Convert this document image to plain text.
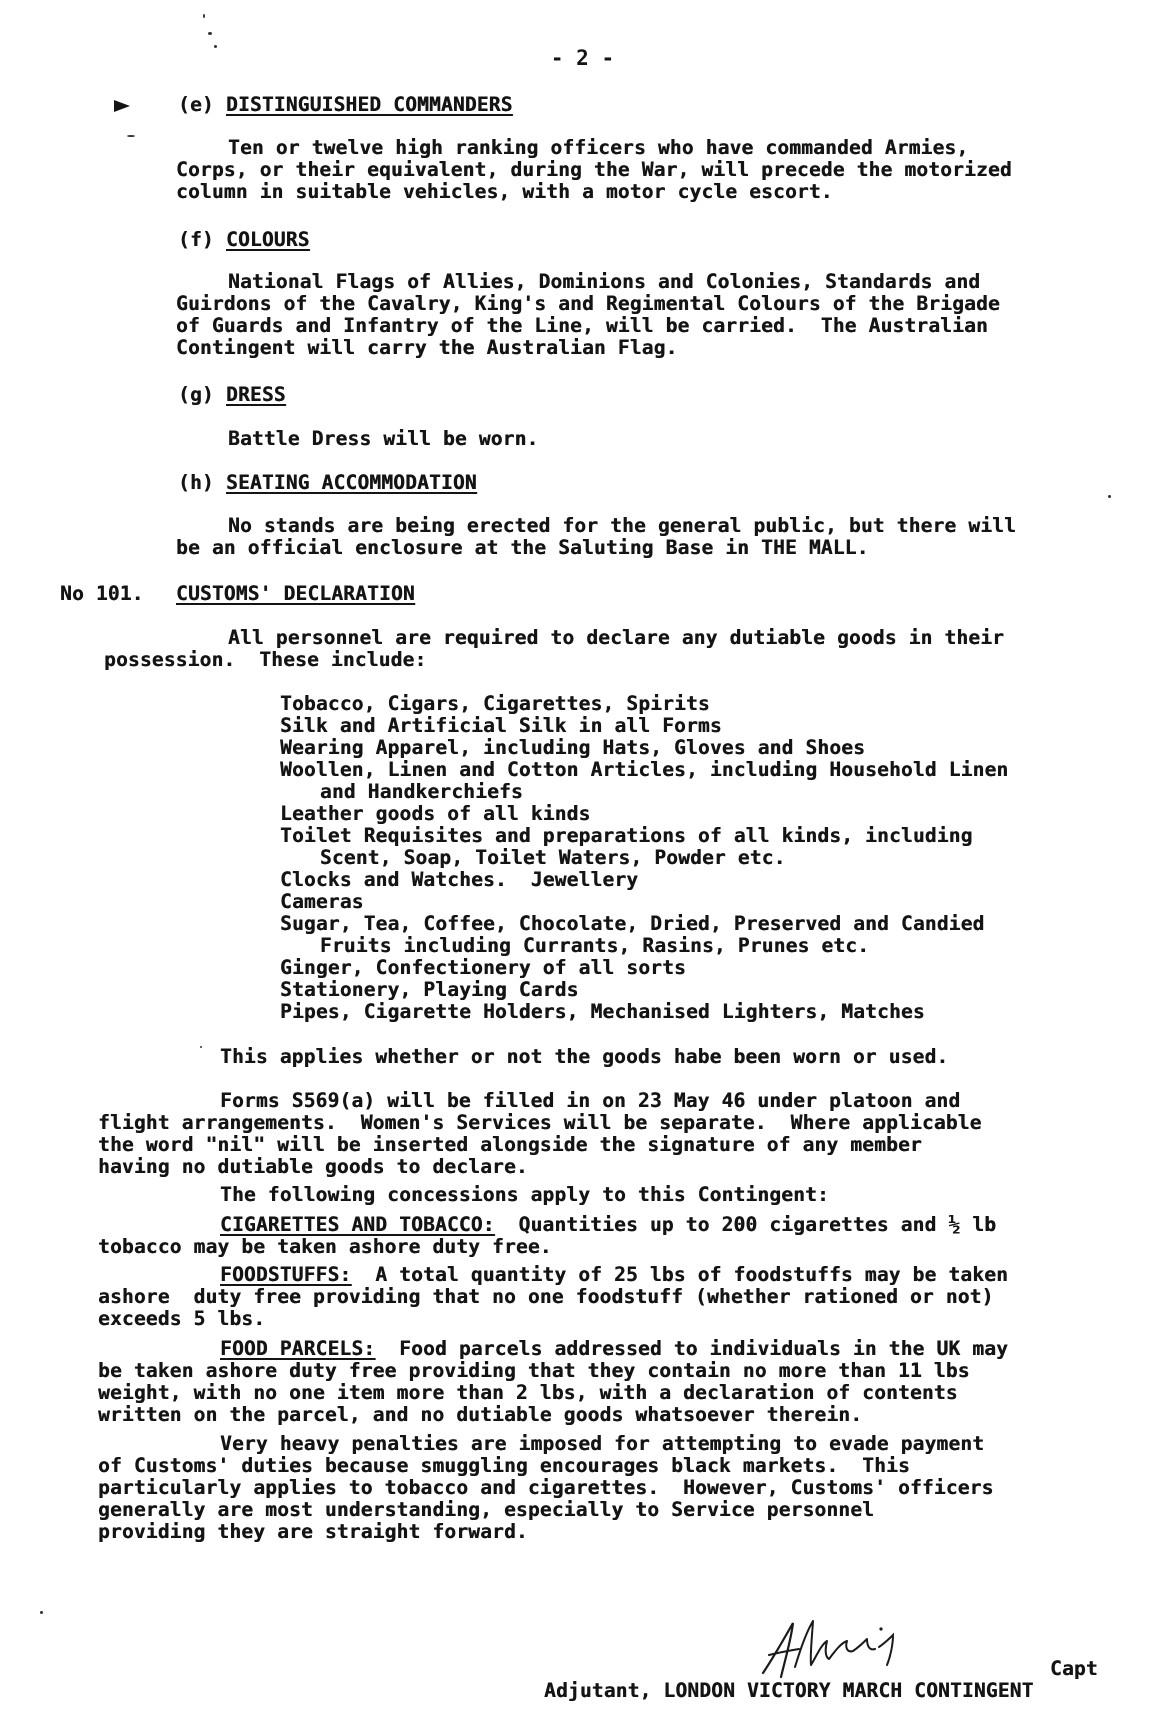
- 2 -

(e) DISTINGUISHED COMMANDERS

Ten or twelve high ranking officers who have commanded Armies,

Corps, or their equivalent, during the War, will precede the motorized

column in suitable vehicles, with a motor cycle escort.

(f) COLOURS

National Flags of Allies, Dominions and Colonies, Standards and

Guirdons of the Cavalry, King's and Regimental Colours of the Brigade

of Guards and Infantry of the Line, will be carried.  The Australian

Contingent will carry the Australian Flag.

(g) DRESS

Battle Dress will be worn.

(h) SEATING ACCOMMODATION

No stands are being erected for the general public, but there will

be an official enclosure at the Saluting Base in THE MALL.

No 101. CUSTOMS' DECLARATION

All personnel are required to declare any dutiable goods in their

possession.  These include:

Tobacco, Cigars, Cigarettes, Spirits

Silk and Artificial Silk in all Forms

Wearing Apparel, including Hats, Gloves and Shoes

Woollen, Linen and Cotton Articles, including Household Linen

and Handkerchiefs

Leather goods of all kinds

Toilet Requisites and preparations of all kinds, including

Scent, Soap, Toilet Waters, Powder etc.

Clocks and Watches.  Jewellery

Cameras

Sugar, Tea, Coffee, Chocolate, Dried, Preserved and Candied

Fruits including Currants, Rasins, Prunes etc.

Ginger, Confectionery of all sorts

Stationery, Playing Cards

Pipes, Cigarette Holders, Mechanised Lighters, Matches

This applies whether or not the goods habe been worn or used.

Forms S569(a) will be filled in on 23 May 46 under platoon and

flight arrangements.  Women's Services will be separate.  Where applicable

the word "nil" will be inserted alongside the signature of any member

having no dutiable goods to declare.

The following concessions apply to this Contingent:

CIGARETTES AND TOBACCO:  Quantities up to 200 cigarettes and ½ lb

tobacco may be taken ashore duty free.

FOODSTUFFS:  A total quantity of 25 lbs of foodstuffs may be taken

ashore  duty free providing that no one foodstuff (whether rationed or not)

exceeds 5 lbs.

FOOD PARCELS:  Food parcels addressed to individuals in the UK may

be taken ashore duty free providing that they contain no more than 11 lbs

weight, with no one item more than 2 lbs, with a declaration of contents

written on the parcel, and no dutiable goods whatsoever therein.

Very heavy penalties are imposed for attempting to evade payment

of Customs' duties because smuggling encourages black markets.  This

particularly applies to tobacco and cigarettes.  However, Customs' officers

generally are most understanding, especially to Service personnel

providing they are straight forward.

Capt

Adjutant, LONDON VICTORY MARCH CONTINGENT
